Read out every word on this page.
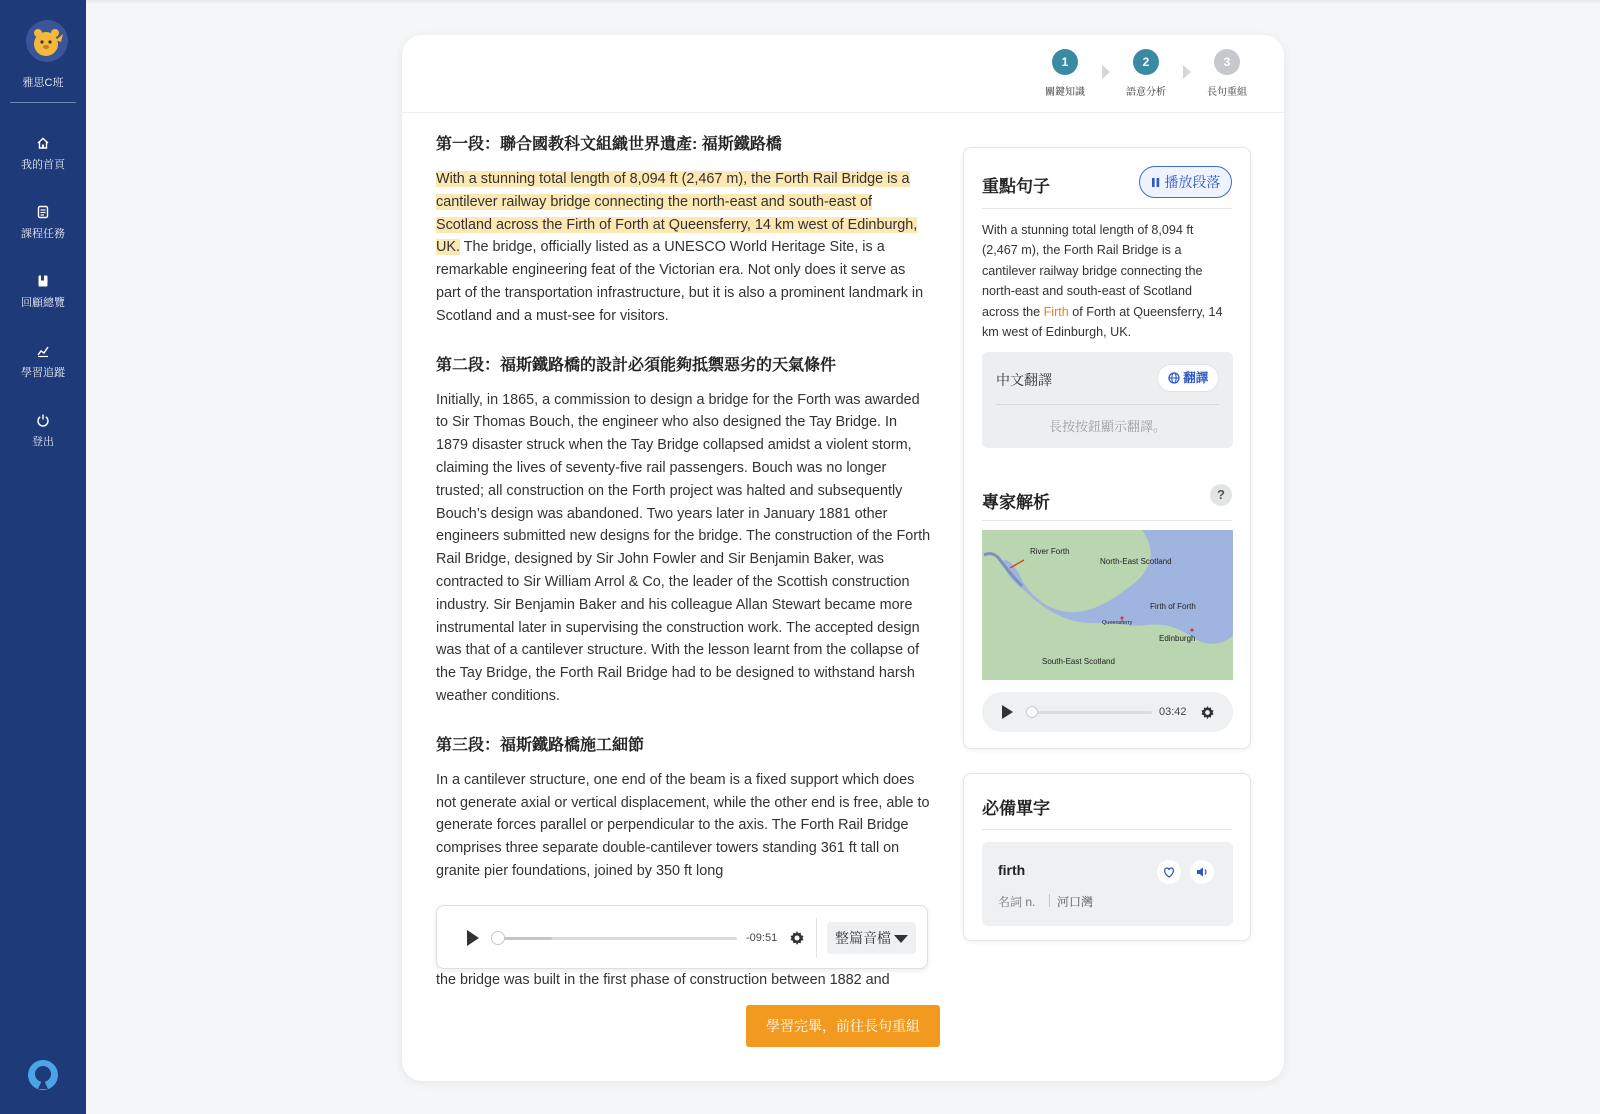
雅思C班
我的首頁
課程任務
回顧總覽
學習追蹤
登出
1
關鍵知識
2
語意分析
3
長句重組
第一段：聯合國教科文組織世界遺產: 福斯鐵路橋

With a stunning total length of 8,094 ft (2,467 m), the Forth Rail Bridge is a cantilever railway bridge connecting the north-east and south-east of Scotland across the Firth of Forth at Queensferry, 14 km west of Edinburgh, UK. The bridge, officially listed as a UNESCO World Heritage Site, is a remarkable engineering feat of the Victorian era. Not only does it serve as part of the transportation infrastructure, but it is also a prominent landmark in Scotland and a must-see for visitors.

第二段：福斯鐵路橋的設計必須能夠抵禦惡劣的天氣條件

Initially, in 1865, a commission to design a bridge for the Forth was awarded to Sir Thomas Bouch, the engineer who also designed the Tay Bridge. In 1879 disaster struck when the Tay Bridge collapsed amidst a violent storm, claiming the lives of seventy-five rail passengers. Bouch was no longer trusted; all construction on the Forth project was halted and subsequently Bouch’s design was abandoned. Two years later in January 1881 other engineers submitted new designs for the bridge. The construction of the Forth Rail Bridge, designed by Sir John Fowler and Sir Benjamin Baker, was contracted to Sir William Arrol & Co, the leader of the Scottish construction industry. Sir Benjamin Baker and his colleague Allan Stewart became more instrumental later in supervising the construction work. The accepted design was that of a cantilever structure. With the lesson learnt from the collapse of the Tay Bridge, the Forth Rail Bridge had to be designed to withstand harsh weather conditions.

第三段：福斯鐵路橋施工細節

In a cantilever structure, one end of the beam is a fixed support which does not generate axial or vertical displacement, while the other end is free, able to generate forces parallel or perpendicular to the axis. The Forth Rail Bridge comprises three separate double-cantilever towers standing 361 ft tall on granite pier foundations, joined by 350 ft long

重點句子	播放段落
With a stunning total length of 8,094 ft (2,467 m), the Forth Rail Bridge is a cantilever railway bridge connecting the north-east and south-east of Scotland across the Firth of Forth at Queensferry, 14 km west of Edinburgh, UK.
中文翻譯	翻譯
長按按鈕顯示翻譯。
專家解析	?
River Forth
North-East Scotland
Firth of Forth
Queensferry
Edinburgh
South-East Scotland
03:42
必備單字
firth
名詞 n. 河口灣
-09:51	整篇音檔
the bridge was built in the first phase of construction between 1882 and
學習完畢，前往長句重組
